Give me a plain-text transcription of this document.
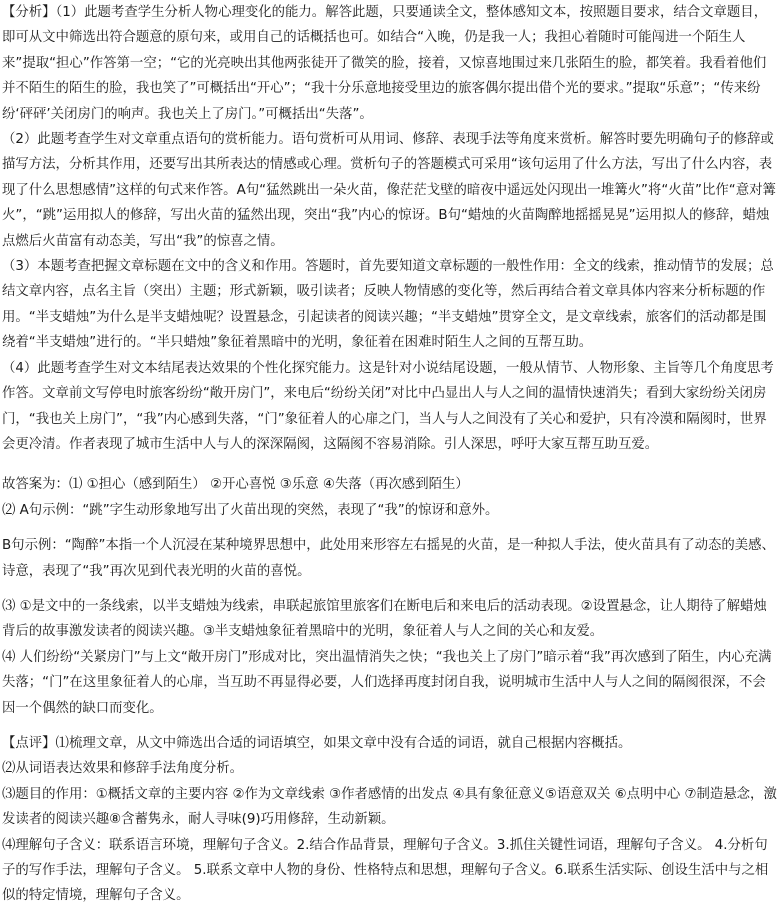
【分析】（1）此题考查学生分析人物心理变化的能力。解答此题，只要通读全文，整体感知文本，按照题目要求，结合文章题目，即可从文中筛选出符合题意的原句来，或用自己的话概括也可。如结合“入晚，仍是我一人；我担心着随时可能闯进一个陌生人来”提取“担心”作答第一空；“它的光亮映出其他两张徒开了微笑的脸，接着，又惊喜地围过来几张陌生的脸，都笑着。我看着他们并不陌生的陌生的脸，我也笑了”可概括出“开心”；“我十分乐意地接受里边的旅客偶尔提出借个光的要求。”提取“乐意”；“传来纷纷‘砰砰’关闭房门的响声。我也关上了房门。”可概括出“失落”。

（2）此题考查学生对文章重点语句的赏析能力。语句赏析可从用词、修辞、表现手法等角度来赏析。解答时要先明确句子的修辞或描写方法，分析其作用，还要写出其所表达的情感或心理。赏析句子的答题模式可采用“该句运用了什么方法，写出了什么内容，表现了什么思想感情”这样的句式来作答。A句“猛然跳出一朵火苗，像茫茫戈壁的暗夜中遥远处闪现出一堆篝火”将“火苗”比作“意对篝火”，“跳”运用拟人的修辞，写出火苗的猛然出现，突出“我”内心的惊讶。B句“蜡烛的火苗陶醉地摇摇晃晃”运用拟人的修辞，蜡烛点燃后火苗富有动态美，写出“我”的惊喜之情。

（3）本题考查把握文章标题在文中的含义和作用。答题时，首先要知道文章标题的一般性作用：全文的线索，推动情节的发展；总结文章内容，点名主旨（突出）主题；形式新颖，吸引读者；反映人物情感的变化等，然后再结合着文章具体内容来分析标题的作用。“半支蜡烛”为什么是半支蜡烛呢？设置悬念，引起读者的阅读兴趣；“半支蜡烛”贯穿全文，是文章线索，旅客们的活动都是围绕着“半支蜡烛”进行的。“半只蜡烛”象征着黑暗中的光明，象征着在困难时陌生人之间的互帮互助。

（4）此题考查学生对文本结尾表达效果的个性化探究能力。这是针对小说结尾设题，一般从情节、人物形象、主旨等几个角度思考作答。文章前文写停电时旅客纷纷“敞开房门”，来电后“纷纷关闭”对比中凸显出人与人之间的温情快速消失；看到大家纷纷关闭房门，“我也关上房门”，“我”内心感到失落，“门”象征着人的心扉之门，当人与人之间没有了关心和爱护，只有冷漠和隔阂时，世界会更冷清。作者表现了城市生活中人与人的深深隔阂，这隔阂不容易消除。引人深思，呼吁大家互帮互助互爱。

故答案为：⑴ ①担心（感到陌生） ②开心喜悦 ③乐意 ④失落（再次感到陌生）

⑵ A句示例：“跳”字生动形象地写出了火苗出现的突然，表现了“我”的惊讶和意外。

B句示例：“陶醉”本指一个人沉浸在某种境界思想中，此处用来形容左右摇晃的火苗，是一种拟人手法，使火苗具有了动态的美感、诗意，表现了“我”再次见到代表光明的火苗的喜悦。

⑶ ①是文中的一条线索，以半支蜡烛为线索，串联起旅馆里旅客们在断电后和来电后的活动表现。②设置悬念，让人期待了解蜡烛背后的故事激发读者的阅读兴趣。③半支蜡烛象征着黑暗中的光明，象征着人与人之间的关心和友爱。

⑷ 人们纷纷“关紧房门”与上文“敞开房门”形成对比，突出温情消失之快；“我也关上了房门”暗示着“我”再次感到了陌生，内心充满失落；“门”在这里象征着人的心扉，当互助不再显得必要，人们选择再度封闭自我，说明城市生活中人与人之间的隔阂很深，不会因一个偶然的缺口而变化。

【点评】⑴梳理文章，从文中筛选出合适的词语填空，如果文章中没有合适的词语，就自己根据内容概括。

⑵从词语表达效果和修辞手法角度分析。

⑶题目的作用：①概括文章的主要内容 ②作为文章线索 ③作者感情的出发点 ④具有象征意义⑤语意双关 ⑥点明中心 ⑦制造悬念，激发读者的阅读兴趣⑧含蓄隽永，耐人寻味(9)巧用修辞，生动新颖。

⑷理解句子含义：联系语言环境，理解句子含义。2.结合作品背景，理解句子含义。3.抓住关键性词语，理解句子含义。 4.分析句子的写作手法，理解句子含义。 5.联系文章中人物的身份、性格特点和思想，理解句子含义。6.联系生活实际、创设生活中与之相似的特定情境，理解句子含义。
